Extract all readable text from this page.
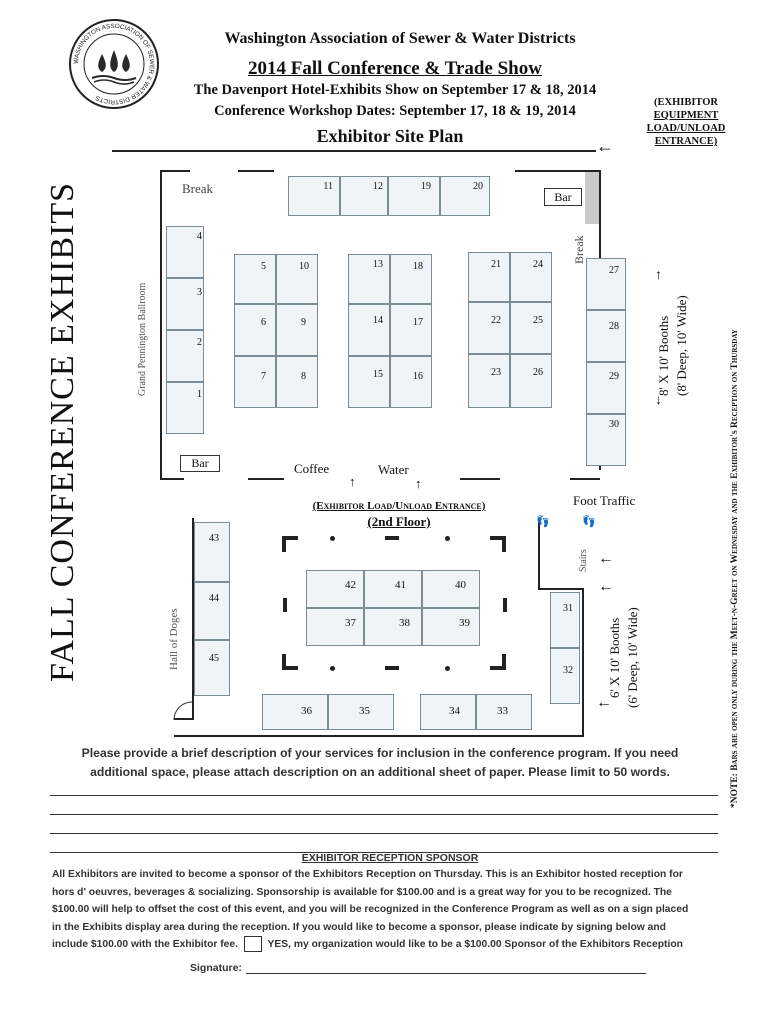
WASHINGTON ASSOCIATION OF SEWER & WATER DISTRICTS
Washington Association of Sewer & Water Districts
2014 Fall Conference & Trade Show
The Davenport Hotel-Exhibits Show on September 17 & 18, 2014
Conference Workshop Dates: September 17, 18 & 19, 2014
Exhibitor Site Plan	←
(EXHIBITOR
EQUIPMENT
LOAD/UNLOAD
ENTRANCE)
FALL CONFERENCE EXHIBITS	*NOTE: Bars are open only during the Meet-n-Greet on Wednesday and the Exhibitor's Reception on Thursday
Break
Bar
Break
Bar	Coffee	Water
↑	↑
Grand Pennington Ballroom
Hall of Doges
Stairs
Foot Traffic
👣	👣
←
←
←
(Exhibitor Load/Unload Entrance)
(2nd Floor)
8' X 10' Booths (8' Deep, 10' Wide)
↑
↓
6' X 10' Booths (6' Deep, 10' Wide)
11	12	19	20
4
3
2
1
5	10
6	9
7	8
13	18
14	17
15	16
21	24
22	25
23	26
27
28
29
30
43
44
45
42	41	40
37	38	39
31
32
36	35	34	33
Please provide a brief description of your services for inclusion in the conference program. If you need
additional space, please attach description on an additional sheet of paper. Please limit to 50 words.
EXHIBITOR RECEPTION SPONSOR
All Exhibitors are invited to become a sponsor of the Exhibitors Reception on Thursday. This is an Exhibitor hosted reception for
hors d' oeuvres, beverages & socializing. Sponsorship is available for $100.00 and is a great way for you to be recognized. The
$100.00 will help to offset the cost of this event, and you will be recognized in the Conference Program as well as on a sign placed
in the Exhibits display area during the reception. If you would like to become a sponsor, please indicate by signing below and
include $100.00 with the Exhibitor fee.	YES, my organization would like to be a $100.00 Sponsor of the Exhibitors Reception
Signature:
